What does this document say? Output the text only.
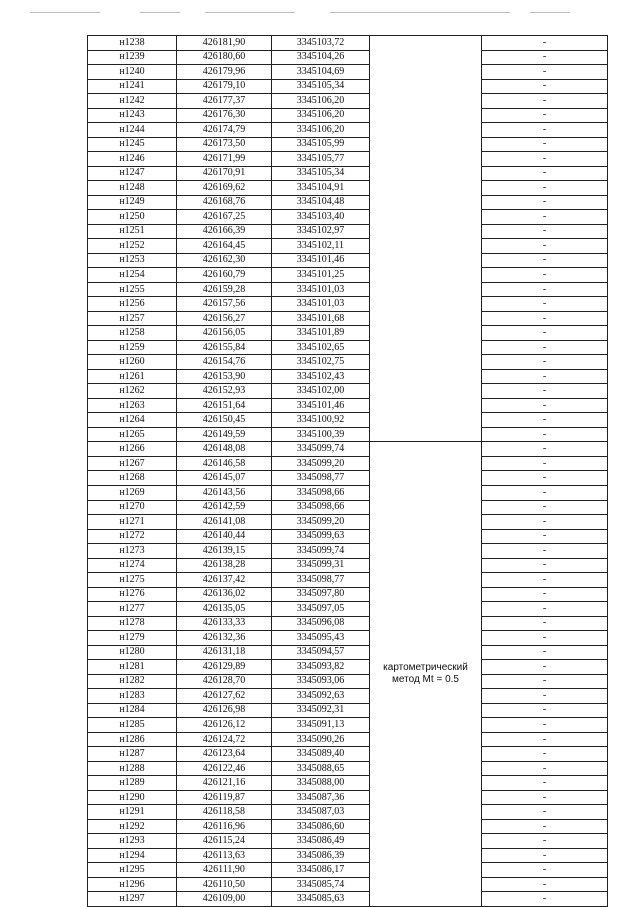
н1238	426181,90	3345103,72		-
н1239	426180,60	3345104,26		-
н1240	426179,96	3345104,69		-
н1241	426179,10	3345105,34		-
н1242	426177,37	3345106,20		-
н1243	426176,30	3345106,20		-
н1244	426174,79	3345106,20		-
н1245	426173,50	3345105,99		-
н1246	426171,99	3345105,77		-
н1247	426170,91	3345105,34		-
н1248	426169,62	3345104,91		-
н1249	426168,76	3345104,48		-
н1250	426167,25	3345103,40		-
н1251	426166,39	3345102,97		-
н1252	426164,45	3345102,11		-
н1253	426162,30	3345101,46		-
н1254	426160,79	3345101,25		-
н1255	426159,28	3345101,03		-
н1256	426157,56	3345101,03		-
н1257	426156,27	3345101,68		-
н1258	426156,05	3345101,89		-
н1259	426155,84	3345102,65		-
н1260	426154,76	3345102,75		-
н1261	426153,90	3345102,43		-
н1262	426152,93	3345102,00		-
н1263	426151,64	3345101,46		-
н1264	426150,45	3345100,92		-
н1265	426149,59	3345100,39		-
н1266	426148,08	3345099,74	картометрический
метод Mt = 0.5	-
н1267	426146,58	3345099,20		-
н1268	426145,07	3345098,77		-
н1269	426143,56	3345098,66		-
н1270	426142,59	3345098,66		-
н1271	426141,08	3345099,20		-
н1272	426140,44	3345099,63		-
н1273	426139,15	3345099,74		-
н1274	426138,28	3345099,31		-
н1275	426137,42	3345098,77		-
н1276	426136,02	3345097,80		-
н1277	426135,05	3345097,05		-
н1278	426133,33	3345096,08		-
н1279	426132,36	3345095,43		-
н1280	426131,18	3345094,57		-
н1281	426129,89	3345093,82		-
н1282	426128,70	3345093,06		-
н1283	426127,62	3345092,63		-
н1284	426126,98	3345092,31		-
н1285	426126,12	3345091,13		-
н1286	426124,72	3345090,26		-
н1287	426123,64	3345089,40		-
н1288	426122,46	3345088,65		-
н1289	426121,16	3345088,00		-
н1290	426119,87	3345087,36		-
н1291	426118,58	3345087,03		-
н1292	426116,96	3345086,60		-
н1293	426115,24	3345086,49		-
н1294	426113,63	3345086,39		-
н1295	426111,90	3345086,17		-
н1296	426110,50	3345085,74		-
н1297	426109,00	3345085,63		-
